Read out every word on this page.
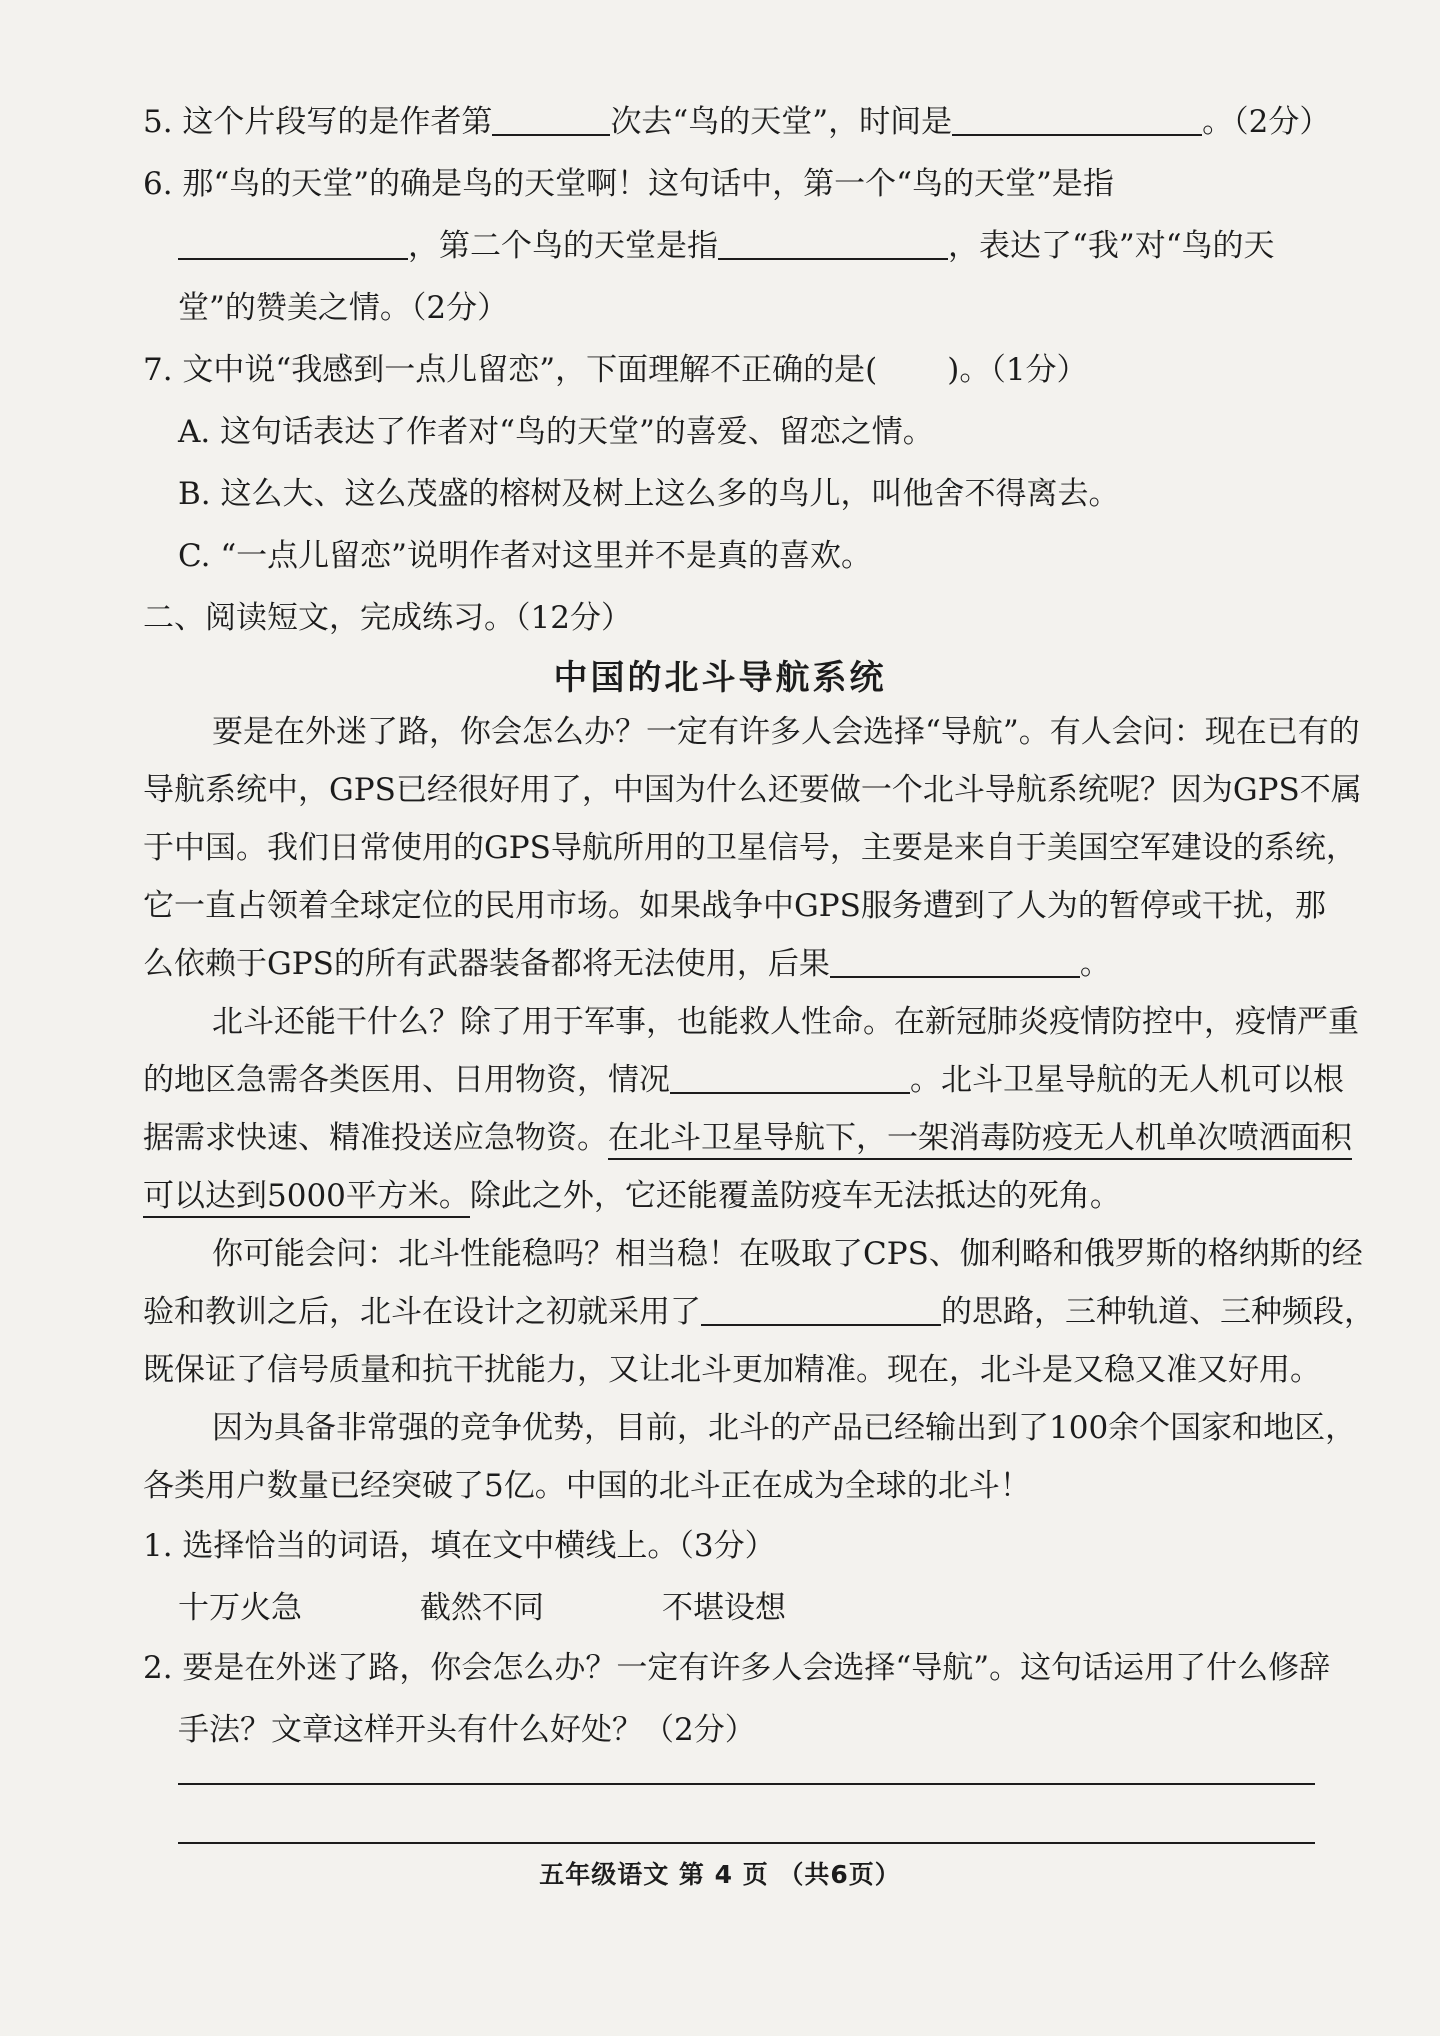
5. 这个片段写的是作者第	次去“鸟的天堂”，时间是	。（2分）
6. 那“鸟的天堂”的确是鸟的天堂啊！这句话中，第一个“鸟的天堂”是指
，第二个鸟的天堂是指	，表达了“我”对“鸟的天
堂”的赞美之情。（2分）
7. 文中说“我感到一点儿留恋”，下面理解不正确的是( )。（1分）
A. 这句话表达了作者对“鸟的天堂”的喜爱、留恋之情。
B. 这么大、这么茂盛的榕树及树上这么多的鸟儿，叫他舍不得离去。
C. “一点儿留恋”说明作者对这里并不是真的喜欢。
二、阅读短文，完成练习。（12分）
中国的北斗导航系统
要是在外迷了路，你会怎么办？一定有许多人会选择“导航”。有人会问：现在已有的
导航系统中，GPS已经很好用了，中国为什么还要做一个北斗导航系统呢？因为GPS不属
于中国。我们日常使用的GPS导航所用的卫星信号，主要是来自于美国空军建设的系统，
它一直占领着全球定位的民用市场。如果战争中GPS服务遭到了人为的暂停或干扰，那
么依赖于GPS的所有武器装备都将无法使用，后果	。
北斗还能干什么？除了用于军事，也能救人性命。在新冠肺炎疫情防控中，疫情严重
的地区急需各类医用、日用物资，情况	。北斗卫星导航的无人机可以根
据需求快速、精准投送应急物资。在北斗卫星导航下，一架消毒防疫无人机单次喷洒面积
可以达到5000平方米。除此之外，它还能覆盖防疫车无法抵达的死角。
你可能会问：北斗性能稳吗？相当稳！在吸取了CPS、伽利略和俄罗斯的格纳斯的经
验和教训之后，北斗在设计之初就采用了	的思路，三种轨道、三种频段，
既保证了信号质量和抗干扰能力，又让北斗更加精准。现在，北斗是又稳又准又好用。
因为具备非常强的竞争优势，目前，北斗的产品已经输出到了100余个国家和地区，
各类用户数量已经突破了5亿。中国的北斗正在成为全球的北斗！
1. 选择恰当的词语，填在文中横线上。（3分）
十万火急	截然不同	不堪设想
2. 要是在外迷了路，你会怎么办？一定有许多人会选择“导航”。这句话运用了什么修辞
手法？文章这样开头有什么好处？（2分）
五年级语文 第 4 页 （共6页）
